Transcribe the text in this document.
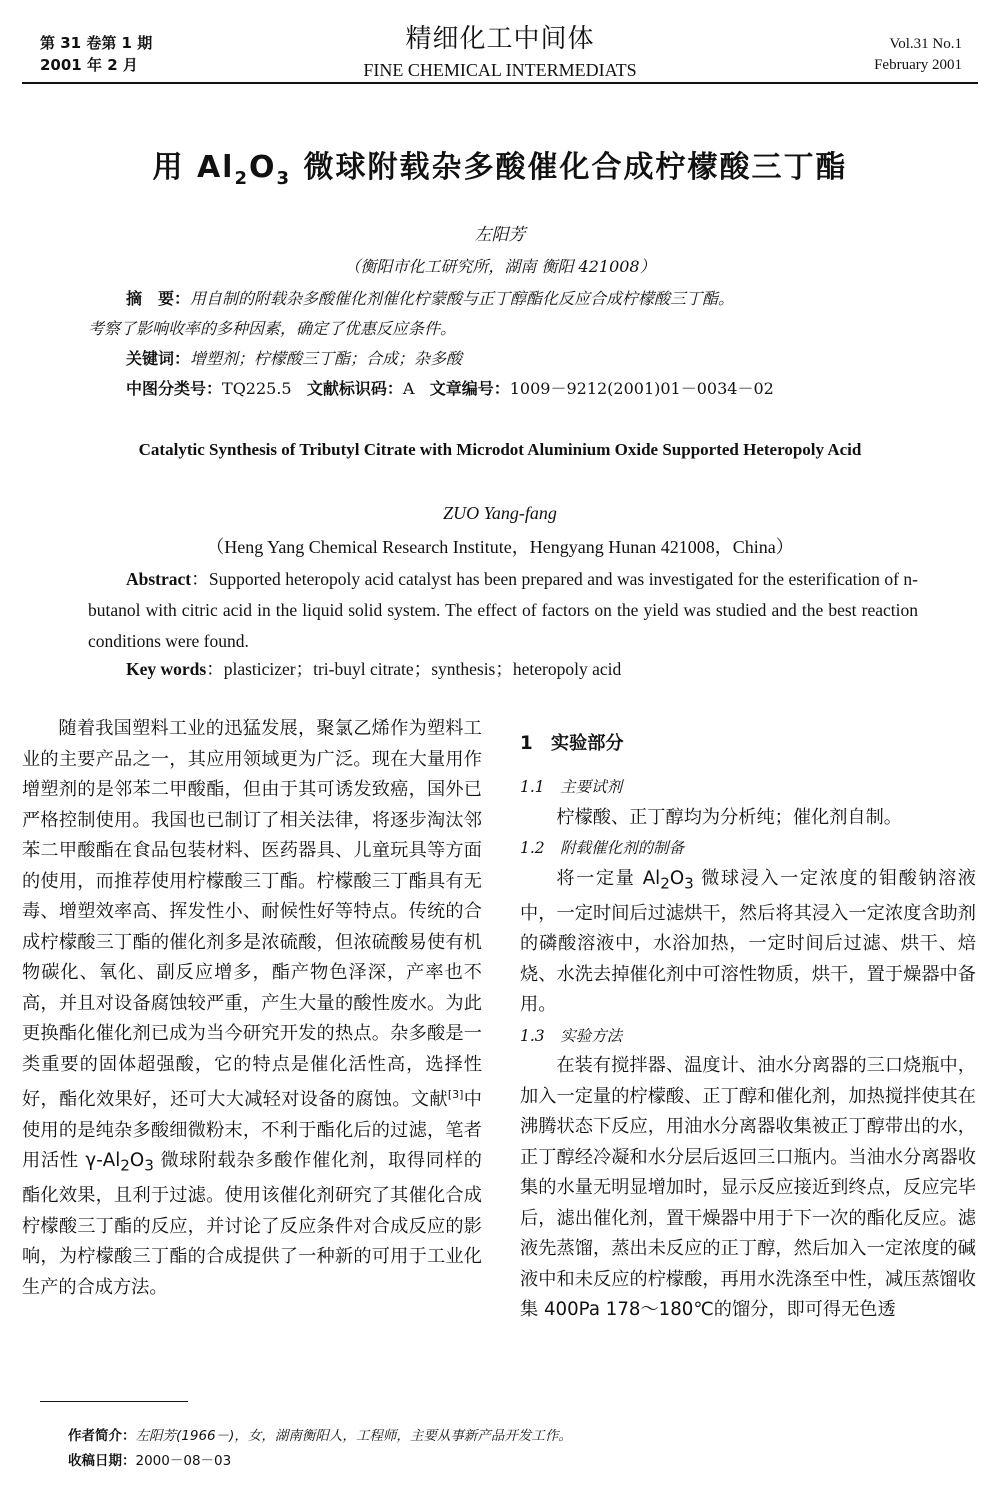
第 31 卷第 1 期
2001 年 2 月
精细化工中间体
FINE CHEMICAL INTERMEDIATS
Vol.31 No.1
February 2001
用 $Al_2O_3$ 微球附载杂多酸催化合成柠檬酸三丁酯
左阳芳
（衡阳市化工研究所，湖南 衡阳 421008）
摘　要：用自制的附载杂多酸催化剂催化柠蒙酸与正丁醇酯化反应合成柠檬酸三丁酯。
考察了影响收率的多种因素，确定了优惠反应条件。
关键词：增塑剂；柠檬酸三丁酯；合成；杂多酸
中图分类号：TQ225.5 文献标识码：A 文章编号：1009－9212(2001)01－0034－02
Catalytic Synthesis of Tributyl Citrate with Microdot Aluminium Oxide Supported Heteropoly Acid
ZUO Yang-fang
（Heng Yang Chemical Research Institute，Hengyang Hunan 421008，China）
Abstract：Supported heteropoly acid catalyst has been prepared and was investigated for the esterification of n-butanol with citric acid in the liquid solid system. The effect of factors on the yield was studied and the best reaction conditions were found.
Key words：plasticizer；tri-buyl citrate；synthesis；heteropoly acid
随着我国塑料工业的迅猛发展，聚氯乙烯作为塑料工业的主要产品之一，其应用领域更为广泛。现在大量用作增塑剂的是邻苯二甲酸酯，但由于其可诱发致癌，国外已严格控制使用。我国也已制订了相关法律，将逐步淘汰邻苯二甲酸酯在食品包装材料、医药器具、儿童玩具等方面的使用，而推荐使用柠檬酸三丁酯。柠檬酸三丁酯具有无毒、增塑效率高、挥发性小、耐候性好等特点。传统的合成柠檬酸三丁酯的催化剂多是浓硫酸，但浓硫酸易使有机物碳化、氧化、副反应增多，酯产物色泽深，产率也不高，并且对设备腐蚀较严重，产生大量的酸性废水。为此更换酯化催化剂已成为当今研究开发的热点。杂多酸是一类重要的固体超强酸，它的特点是催化活性高，选择性好，酯化效果好，还可大大减轻对设备的腐蚀。文献[3]中使用的是纯杂多酸细微粉末，不利于酯化后的过滤，笔者用活性 $\gamma-Al_2O_3$ 微球附载杂多酸作催化剂，取得同样的酯化效果，且利于过滤。使用该催化剂研究了其催化合成柠檬酸三丁酯的反应，并讨论了反应条件对合成反应的影响，为柠檬酸三丁酯的合成提供了一种新的可用于工业化生产的合成方法。
1　实验部分
1.1　主要试剂
柠檬酸、正丁醇均为分析纯；催化剂自制。
1.2　附载催化剂的制备
将一定量 $Al_2O_3$ 微球浸入一定浓度的钼酸钠溶液中，一定时间后过滤烘干，然后将其浸入一定浓度含助剂的磷酸溶液中，水浴加热，一定时间后过滤、烘干、焙烧、水洗去掉催化剂中可溶性物质，烘干，置于燥器中备用。
1.3　实验方法
在装有搅拌器、温度计、油水分离器的三口烧瓶中，加入一定量的柠檬酸、正丁醇和催化剂，加热搅拌使其在沸腾状态下反应，用油水分离器收集被正丁醇带出的水，正丁醇经冷凝和水分层后返回三口瓶内。当油水分离器收集的水量无明显增加时，显示反应接近到终点，反应完毕后，滤出催化剂，置干燥器中用于下一次的酯化反应。滤液先蒸馏，蒸出未反应的正丁醇，然后加入一定浓度的碱液中和未反应的柠檬酸，再用水洗涤至中性，减压蒸馏收集 400Pa 178～180℃的馏分，即可得无色透
作者简介：左阳芳(1966－)，女，湖南衡阳人，工程师，主要从事新产品开发工作。
收稿日期：2000－08－03
